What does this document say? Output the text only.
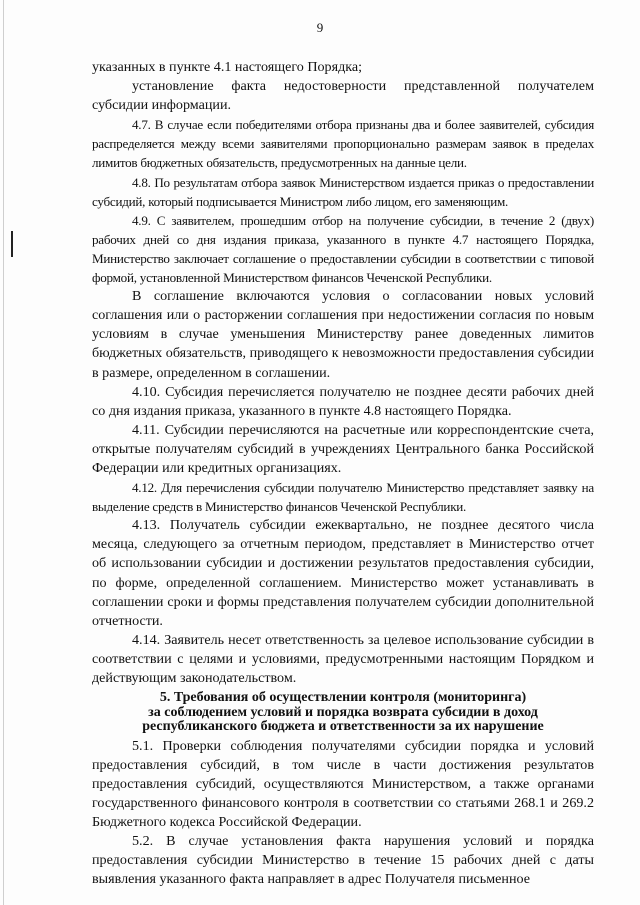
9

указанных в пункте 4.1 настоящего Порядка;

установление факта недостоверности представленной получателем субсидии информации.

4.7. В случае если победителями отбора признаны два и более заявителей, субсидия распределяется между всеми заявителями пропорционально размерам заявок в пределах лимитов бюджетных обязательств, предусмотренных на данные цели.

4.8. По результатам отбора заявок Министерством издается приказ о предоставлении субсидий, который подписывается Министром либо лицом, его заменяющим.

4.9. С заявителем, прошедшим отбор на получение субсидии, в течение 2 (двух) рабочих дней со дня издания приказа, указанного в пункте 4.7 настоящего Порядка, Министерство заключает соглашение о предоставлении субсидии в соответствии с типовой формой, установленной Министерством финансов Чеченской Республики.

В соглашение включаются условия о согласовании новых условий соглашения или о расторжении соглашения при недостижении согласия по новым условиям в случае уменьшения Министерству ранее доведенных лимитов бюджетных обязательств, приводящего к невозможности предоставления субсидии в размере, определенном в соглашении.

4.10. Субсидия перечисляется получателю не позднее десяти рабочих дней со дня издания приказа, указанного в пункте 4.8 настоящего Порядка.

4.11. Субсидии перечисляются на расчетные или корреспондентские счета, открытые получателям субсидий в учреждениях Центрального банка Российской Федерации или кредитных организациях.

4.12. Для перечисления субсидии получателю Министерство представляет заявку на выделение средств в Министерство финансов Чеченской Республики.

4.13. Получатель субсидии ежеквартально, не позднее десятого числа месяца, следующего за отчетным периодом, представляет в Министерство отчет об использовании субсидии и достижении результатов предоставления субсидии, по форме, определенной соглашением. Министерство может устанавливать в соглашении сроки и формы представления получателем субсидии дополнительной отчетности.

4.14. Заявитель несет ответственность за целевое использование субсидии в соответствии с целями и условиями, предусмотренными настоящим Порядком и действующим законодательством.

5. Требования об осуществлении контроля (мониторинга)
за соблюдением условий и порядка возврата субсидии в доход
республиканского бюджета и ответственности за их нарушение

5.1. Проверки соблюдения получателями субсидии порядка и условий предоставления субсидий, в том числе в части достижения результатов предоставления субсидий, осуществляются Министерством, а также органами государственного финансового контроля в соответствии со статьями 268.1 и 269.2 Бюджетного кодекса Российской Федерации.

5.2. В случае установления факта нарушения условий и порядка предоставления субсидии Министерство в течение 15 рабочих дней с даты выявления указанного факта направляет в адрес Получателя письменное
